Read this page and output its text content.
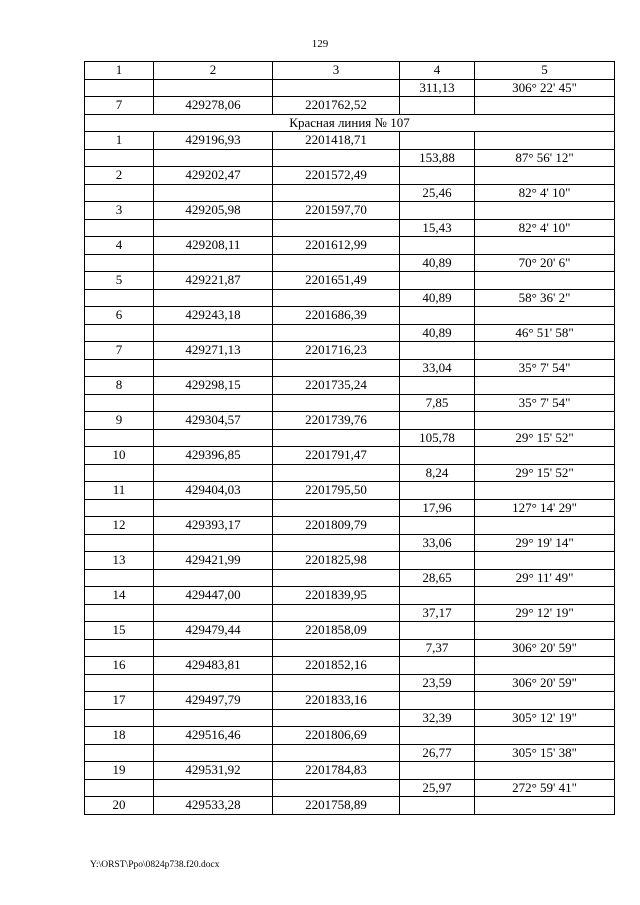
129
1	2	3	4	5
			311,13	306° 22' 45"
7	429278,06	2201762,52		
Красная линия № 107				
1	429196,93	2201418,71		
			153,88	87° 56' 12"
2	429202,47	2201572,49		
			25,46	82° 4' 10"
3	429205,98	2201597,70		
			15,43	82° 4' 10"
4	429208,11	2201612,99		
			40,89	70° 20' 6"
5	429221,87	2201651,49		
			40,89	58° 36' 2"
6	429243,18	2201686,39		
			40,89	46° 51' 58"
7	429271,13	2201716,23		
			33,04	35° 7' 54"
8	429298,15	2201735,24		
			7,85	35° 7' 54"
9	429304,57	2201739,76		
			105,78	29° 15' 52"
10	429396,85	2201791,47		
			8,24	29° 15' 52"
11	429404,03	2201795,50		
			17,96	127° 14' 29"
12	429393,17	2201809,79		
			33,06	29° 19' 14"
13	429421,99	2201825,98		
			28,65	29° 11' 49"
14	429447,00	2201839,95		
			37,17	29° 12' 19"
15	429479,44	2201858,09		
			7,37	306° 20' 59"
16	429483,81	2201852,16		
			23,59	306° 20' 59"
17	429497,79	2201833,16		
			32,39	305° 12' 19"
18	429516,46	2201806,69		
			26,77	305° 15' 38"
19	429531,92	2201784,83		
			25,97	272° 59' 41"
20	429533,28	2201758,89		
Y:\ORST\Ppo\0824p738.f20.docx
